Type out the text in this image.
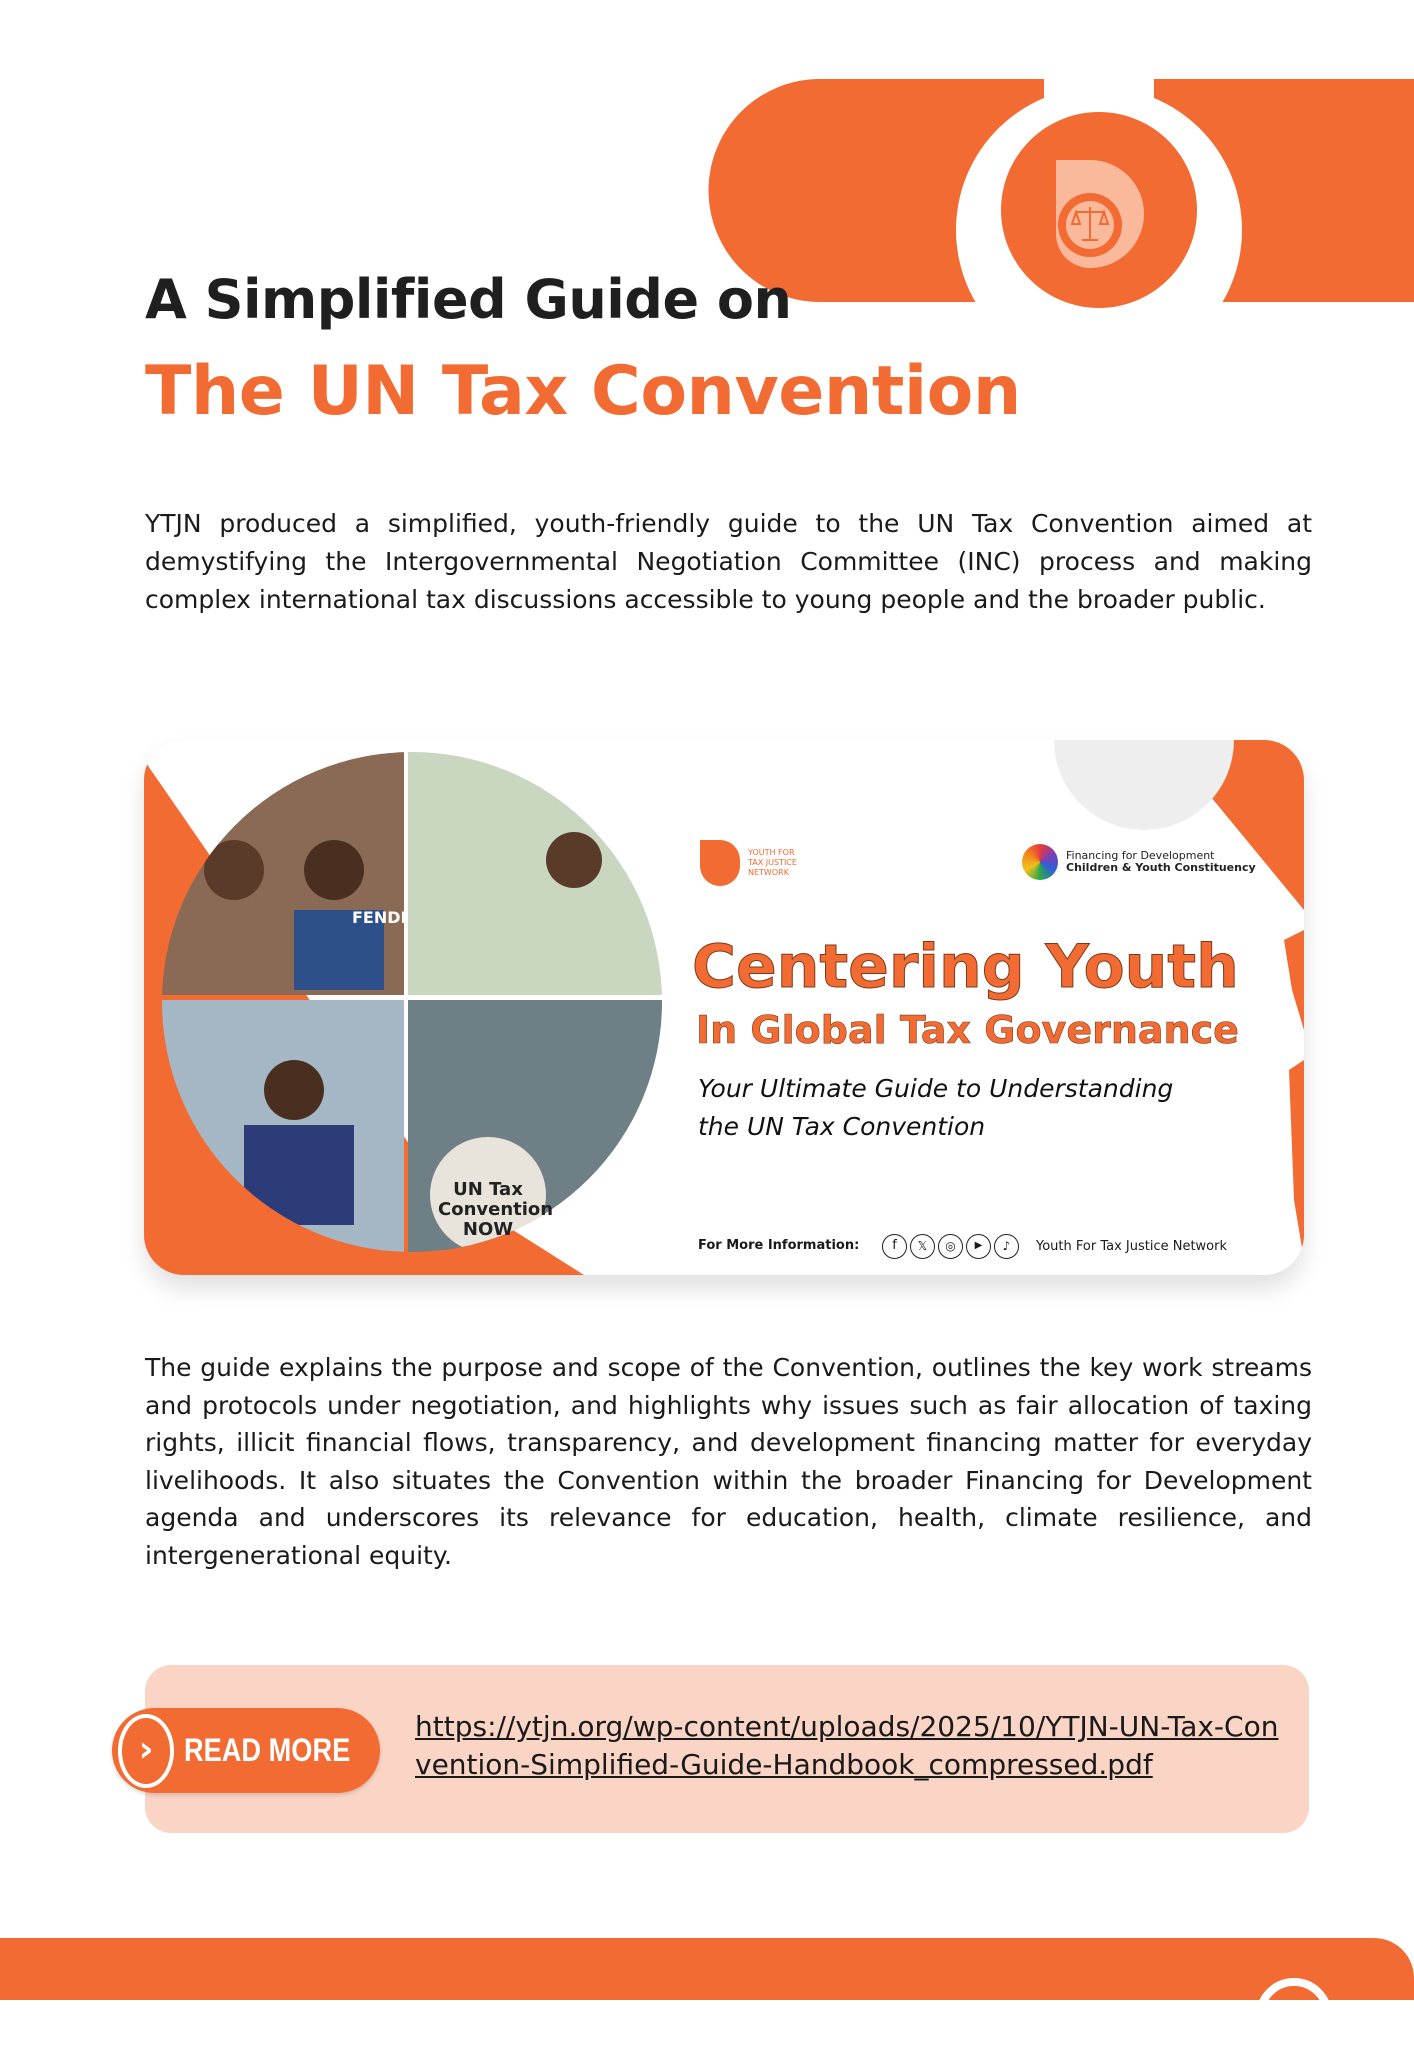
A Simplified Guide on
The UN Tax Convention

YTJN produced a simplified, youth-friendly guide to the UN Tax Convention aimed at demystifying the Intergovernmental Negotiation Committee (INC) process and making complex international tax discussions accessible to young people and the broader public.

FENDI
UN Tax Convention NOW
YOUTH FOR TAX JUSTICE NETWORK
Financing for Development
Children & Youth Constituency
Centering Youth
In Global Tax Governance
Your Ultimate Guide to Understanding
the UN Tax Convention
For More Information:	f	𝕏	◎	▶	♪	Youth For Tax Justice Network

The guide explains the purpose and scope of the Convention, outlines the key work streams and protocols under negotiation, and highlights why issues such as fair allocation of taxing rights, illicit financial flows, transparency, and development financing matter for everyday livelihoods. It also situates the Convention within the broader Financing for Development agenda and underscores its relevance for education, health, climate resilience, and intergenerational equity.

› READ MORE
https://ytjn.org/wp-content/uploads/2025/10/YTJN-UN-Tax-Convention-Simplified-Guide-Handbook_compressed.pdf
